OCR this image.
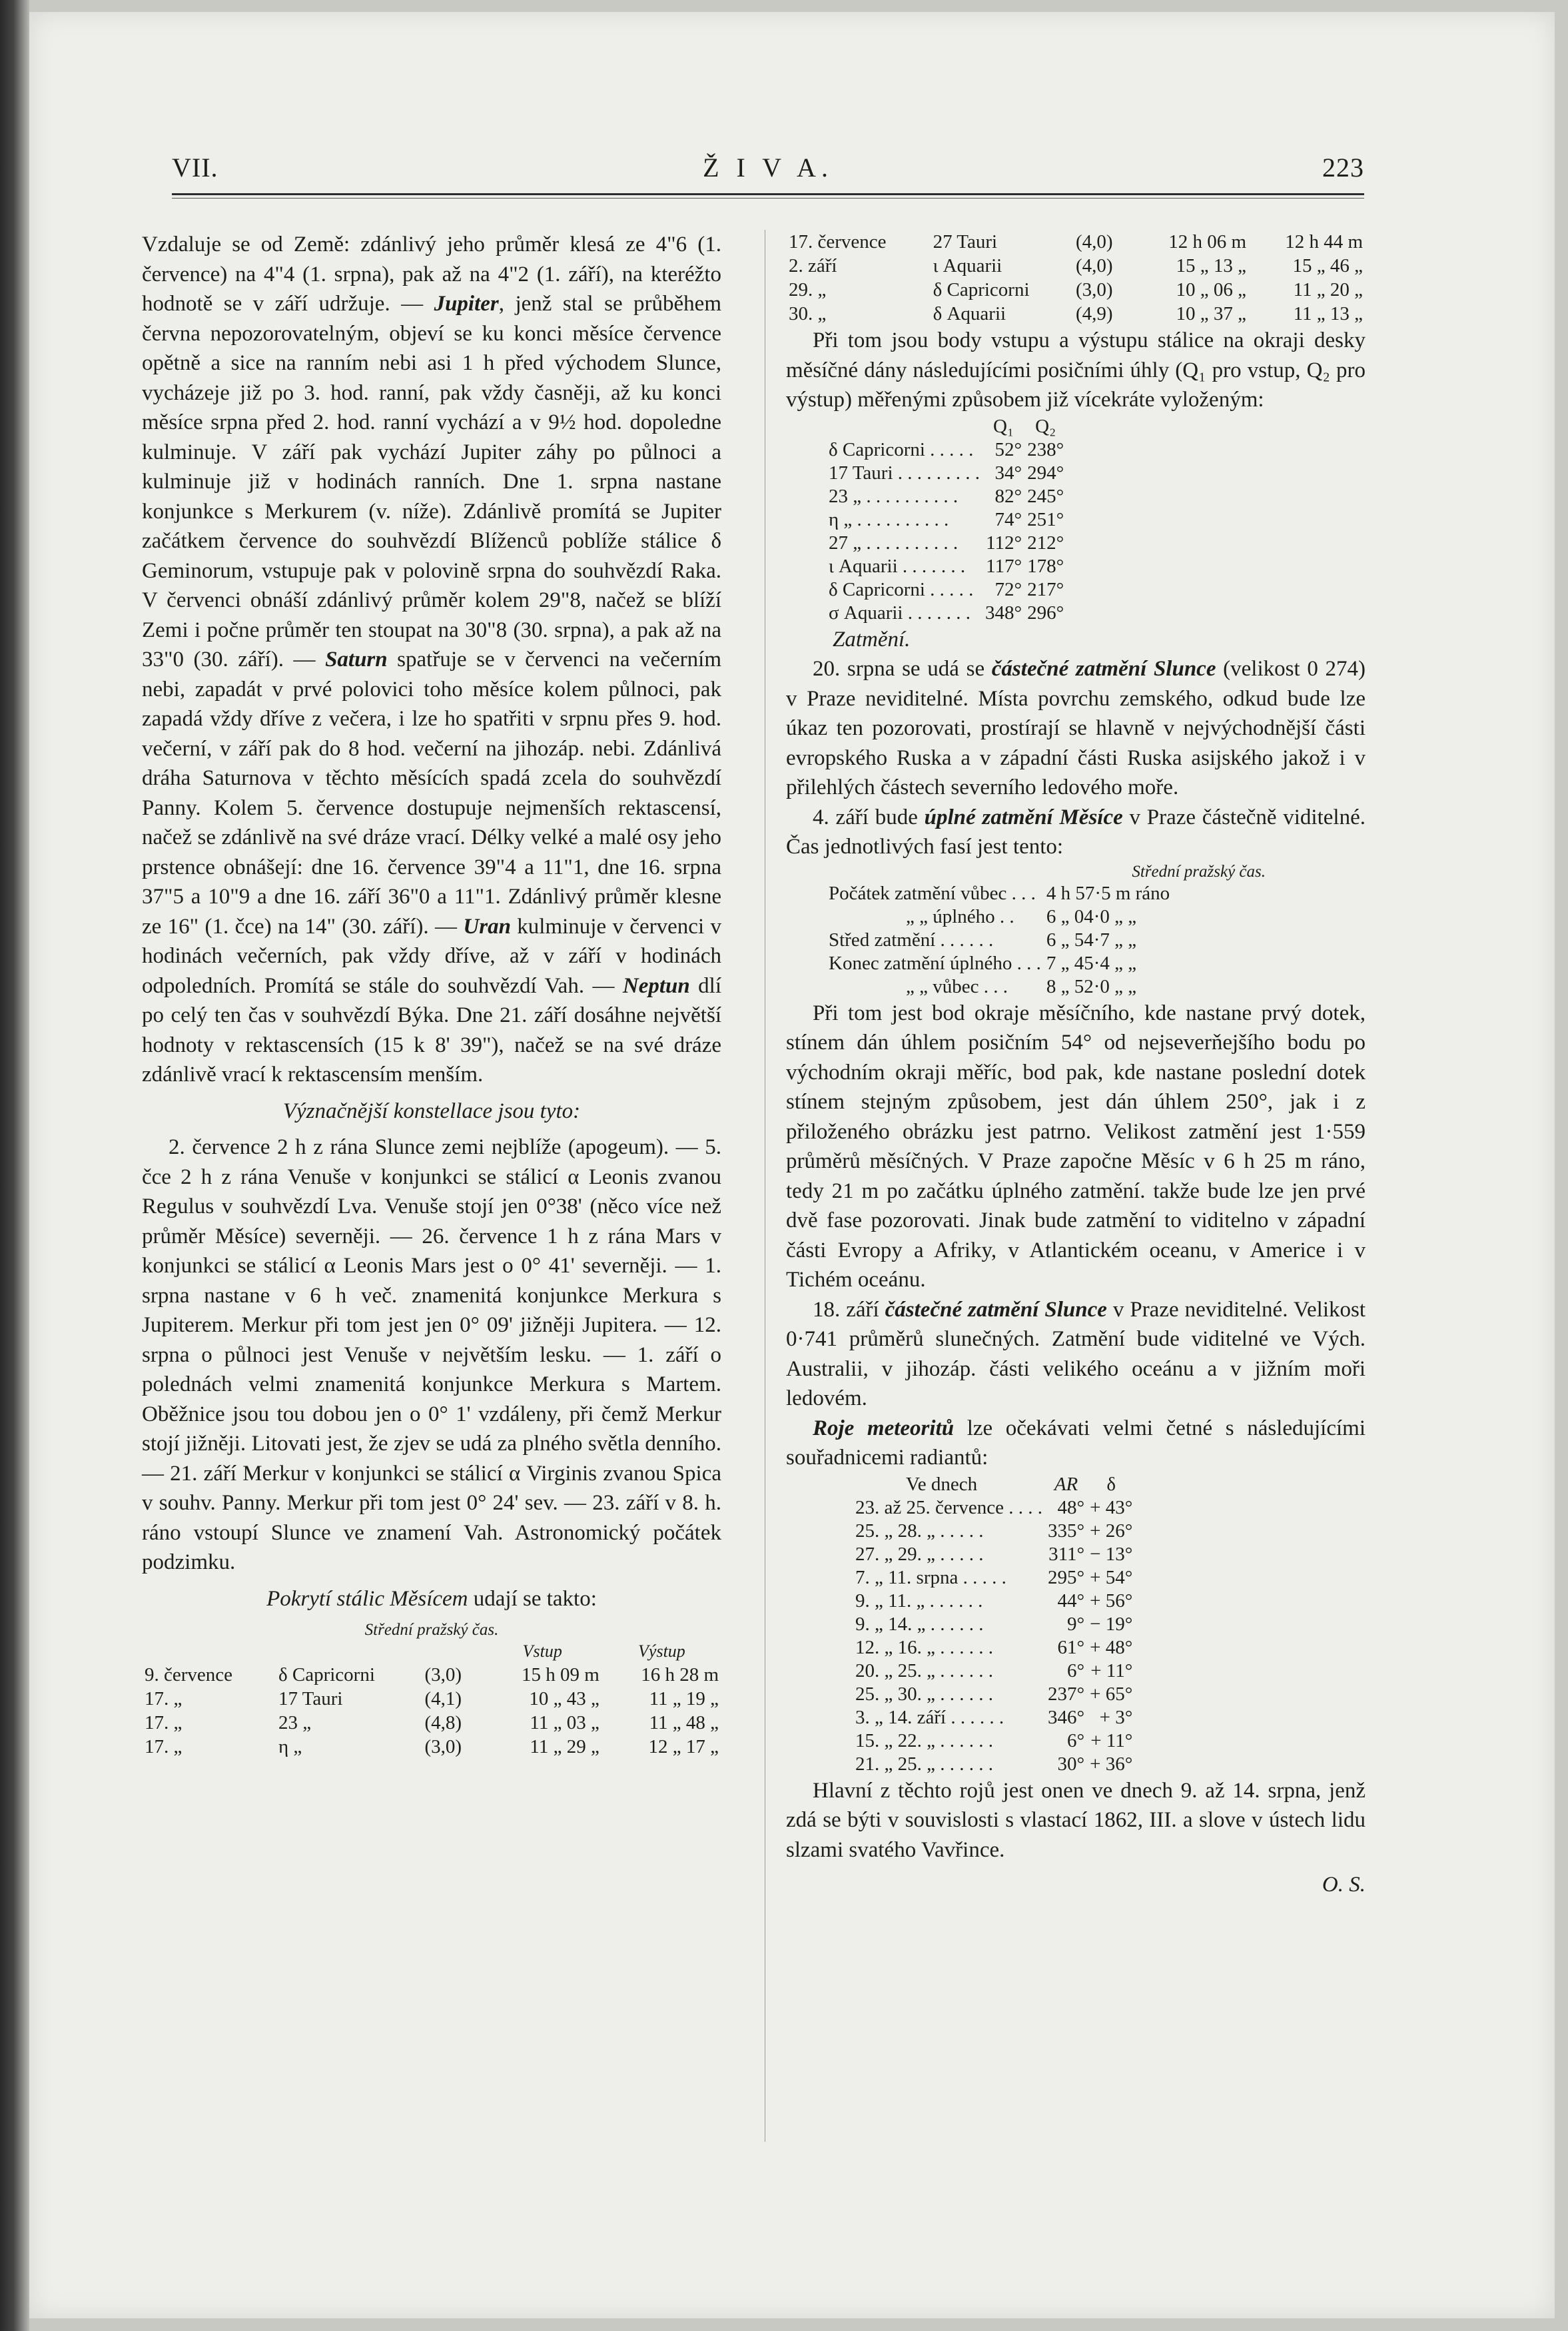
VII.	Ž I V A.	223

Vzdaluje se od Země: zdánlivý jeho průměr klesá ze 4"6 (1. července) na 4"4 (1. srpna), pak až na 4"2 (1. září), na kteréžto hodnotě se v září udržuje. — Jupiter, jenž stal se průběhem června nepozorovatelným, objeví se ku konci měsíce července opětně a sice na ranním nebi asi 1 h před východem Slunce, vycházeje již po 3. hod. ranní, pak vždy časněji, až ku konci měsíce srpna před 2. hod. ranní vychází a v 9½ hod. dopoledne kulminuje. V září pak vychází Jupiter záhy po půlnoci a kulminuje již v hodinách ranních. Dne 1. srpna nastane konjunkce s Merkurem (v. níže). Zdánlivě promítá se Jupiter začátkem července do souhvězdí Blíženců poblíže stálice δ Geminorum, vstupuje pak v polovině srpna do souhvězdí Raka. V červenci obnáší zdánlivý průměr kolem 29"8, načež se blíží Zemi i počne průměr ten stoupat na 30"8 (30. srpna), a pak až na 33"0 (30. září). — Saturn spatřuje se v červenci na večerním nebi, zapadát v prvé polovici toho měsíce kolem půlnoci, pak zapadá vždy dříve z večera, i lze ho spatřiti v srpnu přes 9. hod. večerní, v září pak do 8 hod. večerní na jihozáp. nebi. Zdánlivá dráha Saturnova v těchto měsících spadá zcela do souhvězdí Panny. Kolem 5. července dostupuje nejmenších rektascensí, načež se zdánlivě na své dráze vrací. Délky velké a malé osy jeho prstence obnášejí: dne 16. července 39"4 a 11"1, dne 16. srpna 37"5 a 10"9 a dne 16. září 36"0 a 11"1. Zdánlivý průměr klesne ze 16" (1. čce) na 14" (30. září). — Uran kulminuje v červenci v hodinách večerních, pak vždy dříve, až v září v hodinách odpoledních. Promítá se stále do souhvězdí Vah. — Neptun dlí po celý ten čas v souhvězdí Býka. Dne 21. září dosáhne největší hodnoty v rektascensích (15 k 8' 39"), načež se na své dráze zdánlivě vrací k rektascensím menším.

Význačnější konstellace jsou tyto:

2. července 2 h z rána Slunce zemi nejblíže (apogeum). — 5. čce 2 h z rána Venuše v konjunkci se stálicí α Leonis zvanou Regulus v souhvězdí Lva. Venuše stojí jen 0°38' (něco více než průměr Měsíce) severněji. — 26. července 1 h z rána Mars v konjunkci se stálicí α Leonis Mars jest o 0° 41' severněji. — 1. srpna nastane v 6 h več. znamenitá konjunkce Merkura s Jupiterem. Merkur při tom jest jen 0° 09' jižněji Jupitera. — 12. srpna o půlnoci jest Venuše v největším lesku. — 1. září o polednách velmi znamenitá konjunkce Merkura s Martem. Oběžnice jsou tou dobou jen o 0° 1' vzdáleny, při čemž Merkur stojí jižněji. Litovati jest, že zjev se udá za plného světla denního. — 21. září Merkur v konjunkci se stálicí α Virginis zvanou Spica v souhv. Panny. Merkur při tom jest 0° 24' sev. — 23. září v 8. h. ráno vstoupí Slunce ve znamení Vah. Astronomický počátek podzimku.

Pokrytí stálic Měsícem udají se takto:

Střední pražský čas.
			Vstup	Výstup
9. července	δ Capricorni	(3,0)	15 h 09 m	16 h 28 m
17. „	17 Tauri	(4,1)	10 „ 43 „	11 „ 19 „
17. „	23 „	(4,8)	11 „ 03 „	11 „ 48 „
17. „	η „	(3,0)	11 „ 29 „	12 „ 17 „
17. července	27 Tauri	(4,0)	12 h 06 m	12 h 44 m
2. září	ι Aquarii	(4,0)	15 „ 13 „	15 „ 46 „
29. „	δ Capricorni	(3,0)	10 „ 06 „	11 „ 20 „
30. „	δ Aquarii	(4,9)	10 „ 37 „	11 „ 13 „

Při tom jsou body vstupu a výstupu stálice na okraji desky měsíčné dány následujícími posičními úhly (Q₁ pro vstup, Q₂ pro výstup) měřenými způsobem již vícekráte vyloženým:

	Q₁	Q₂
δ Capricorni . . . . .	52°	238°
17 Tauri . . . . . . . . .	34°	294°
23 „ . . . . . . . . . .	82°	245°
η „ . . . . . . . . . .	74°	251°
27 „ . . . . . . . . . .	112°	212°
ι Aquarii . . . . . . .	117°	178°
δ Capricorni . . . . .	72°	217°
σ Aquarii . . . . . . .	348°	296°

Zatmění.

20. srpna se udá se částečné zatmění Slunce (velikost 0 274) v Praze neviditelné. Místa povrchu zemského, odkud bude lze úkaz ten pozorovati, prostírají se hlavně v nejvýchodnější části evropského Ruska a v západní části Ruska asijského jakož i v přilehlých částech severního ledového moře.

4. září bude úplné zatmění Měsíce v Praze částečně viditelné. Čas jednotlivých fasí jest tento:

Střední pražský čas.
Počátek zatmění vůbec . . .	4 h 57·5 m ráno
„ „ úplného . .	6 „ 04·0 „ „
Střed zatmění . . . . . .	6 „ 54·7 „ „
Konec zatmění úplného . . .	7 „ 45·4 „ „
„ „ vůbec . . .	8 „ 52·0 „ „

Při tom jest bod okraje měsíčního, kde nastane prvý dotek, stínem dán úhlem posičním 54° od nejseverňejšího bodu po východním okraji měříc, bod pak, kde nastane poslední dotek stínem stejným způsobem, jest dán úhlem 250°, jak i z přiloženého obrázku jest patrno. Velikost zatmění jest 1·559 průměrů měsíčných. V Praze započne Měsíc v 6 h 25 m ráno, tedy 21 m po začátku úplného zatmění. takže bude lze jen prvé dvě fase pozorovati. Jinak bude zatmění to viditelno v západní části Evropy a Afriky, v Atlantickém oceanu, v Americe i v Tichém oceánu.

18. září částečné zatmění Slunce v Praze neviditelné. Velikost 0·741 průměrů slunečných. Zatmění bude viditelné ve Vých. Australii, v jihozáp. části velikého oceánu a v jižním moři ledovém.

Roje meteoritů lze očekávati velmi četné s následujícími souřadnicemi radiantů:

Ve dnech	AR	δ
23. až 25. července . . . .	48°	+ 43°
25. „ 28. „ . . . . .	335°	+ 26°
27. „ 29. „ . . . . .	311°	− 13°
7. „ 11. srpna . . . . .	295°	+ 54°
9. „ 11. „ . . . . . .	44°	+ 56°
9. „ 14. „ . . . . . .	9°	− 19°
12. „ 16. „ . . . . . .	61°	+ 48°
20. „ 25. „ . . . . . .	6°	+ 11°
25. „ 30. „ . . . . . .	237°	+ 65°
3. „ 14. září . . . . . .	346°	+ 3°
15. „ 22. „ . . . . . .	6°	+ 11°
21. „ 25. „ . . . . . .	30°	+ 36°

Hlavní z těchto rojů jest onen ve dnech 9. až 14. srpna, jenž zdá se býti v souvislosti s vlastací 1862, III. a slove v ústech lidu slzami svatého Vavřince.

O. S.
